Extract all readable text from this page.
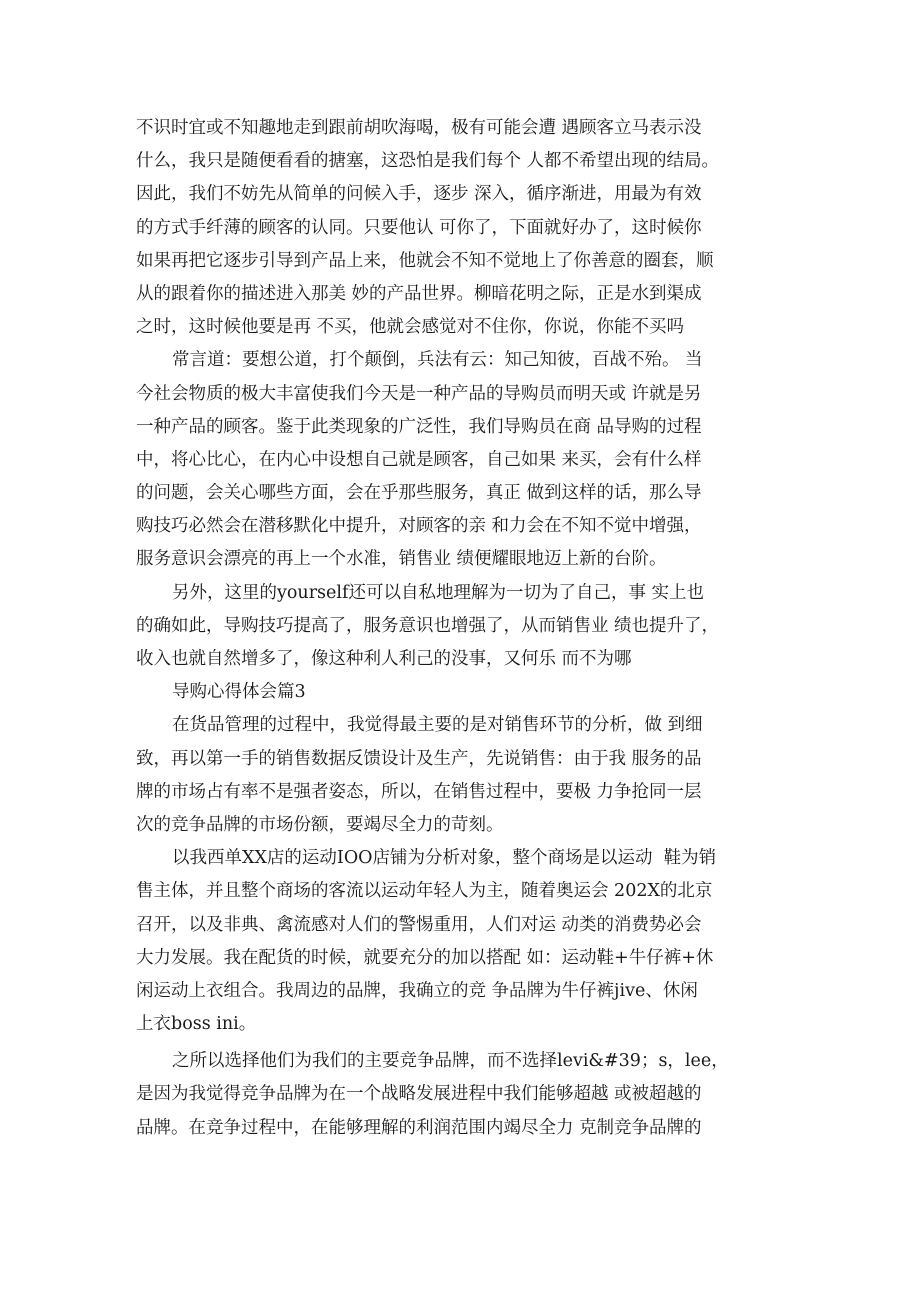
不识时宜或不知趣地走到跟前胡吹海喝，极有可能会遭 遇顾客立马表示没
什么，我只是随便看看的搪塞，这恐怕是我们每个 人都不希望出现的结局。
因此，我们不妨先从简单的问候入手，逐步 深入，循序渐进，用最为有效
的方式手纤薄的顾客的认同。只要他认 可你了，下面就好办了，这时候你
如果再把它逐步引导到产品上来，他就会不知不觉地上了你善意的圈套，顺
从的跟着你的描述进入那美 妙的产品世界。柳暗花明之际，正是水到渠成
之时，这时候他要是再 不买，他就会感觉对不住你，你说，你能不买吗
常言道：要想公道，打个颠倒，兵法有云：知己知彼，百战不殆。 当
今社会物质的极大丰富使我们今天是一种产品的导购员而明天或 许就是另
一种产品的顾客。鉴于此类现象的广泛性，我们导购员在商 品导购的过程
中，将心比心，在内心中设想自己就是顾客，自己如果 来买，会有什么样
的问题，会关心哪些方面，会在乎那些服务，真正 做到这样的话，那么导
购技巧必然会在潜移默化中提升，对顾客的亲 和力会在不知不觉中增强，
服务意识会漂亮的再上一个水准，销售业 绩便耀眼地迈上新的台阶。
另外，这里的yourself还可以自私地理解为一切为了自己，事 实上也
的确如此，导购技巧提高了，服务意识也增强了，从而销售业 绩也提升了，
收入也就自然增多了，像这种利人利己的没事，又何乐 而不为哪
导购心得体会篇3
在货品管理的过程中，我觉得最主要的是对销售环节的分析，做 到细
致，再以第一手的销售数据反馈设计及生产，先说销售：由于我 服务的品
牌的市场占有率不是强者姿态，所以，在销售过程中，要极 力争抢同一层
次的竞争品牌的市场份额，要竭尽全力的苛刻。
以我西单XX店的运动IOO店铺为分析对象，整个商场是以运动  鞋为销
售主体，并且整个商场的客流以运动年轻人为主，随着奥运会 202X的北京
召开，以及非典、禽流感对人们的警惕重用，人们对运 动类的消费势必会
大力发展。我在配货的时候，就要充分的加以搭配 如：运动鞋+牛仔裤+休
闲运动上衣组合。我周边的品牌，我确立的竞 争品牌为牛仔裤jive、休闲
上衣boss ini。
之所以选择他们为我们的主要竞争品牌，而不选择levi&#39；s，lee，
是因为我觉得竞争品牌为在一个战略发展进程中我们能够超越 或被超越的
品牌。在竞争过程中，在能够理解的利润范围内竭尽全力 克制竞争品牌的
